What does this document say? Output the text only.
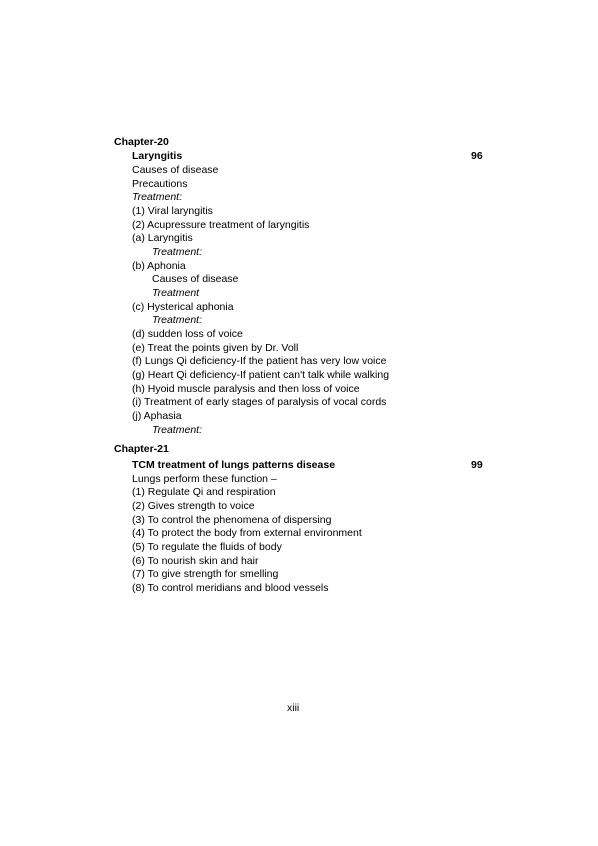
Chapter-20
Laryngitis	96
Causes of disease
Precautions
Treatment:
(1) Viral laryngitis
(2) Acupressure treatment of laryngitis
(a) Laryngitis
Treatment:
(b) Aphonia
Causes of disease
Treatment
(c) Hysterical aphonia
Treatment:
(d) sudden loss of voice
(e) Treat the points given by Dr. Voll
(f) Lungs Qi deficiency-If the patient has very low voice
(g) Heart Qi deficiency-If patient can't talk while walking
(h) Hyoid muscle paralysis and then loss of voice
(i) Treatment of early stages of paralysis of vocal cords
(j) Aphasia
Treatment:
Chapter-21
TCM treatment of lungs patterns disease	99
Lungs perform these function –
(1) Regulate Qi and respiration
(2) Gives strength to voice
(3) To control the phenomena of dispersing
(4) To protect the body from external environment
(5) To regulate the fluids of body
(6) To nourish skin and hair
(7) To give strength for smelling
(8) To control meridians and blood vessels
xiii
